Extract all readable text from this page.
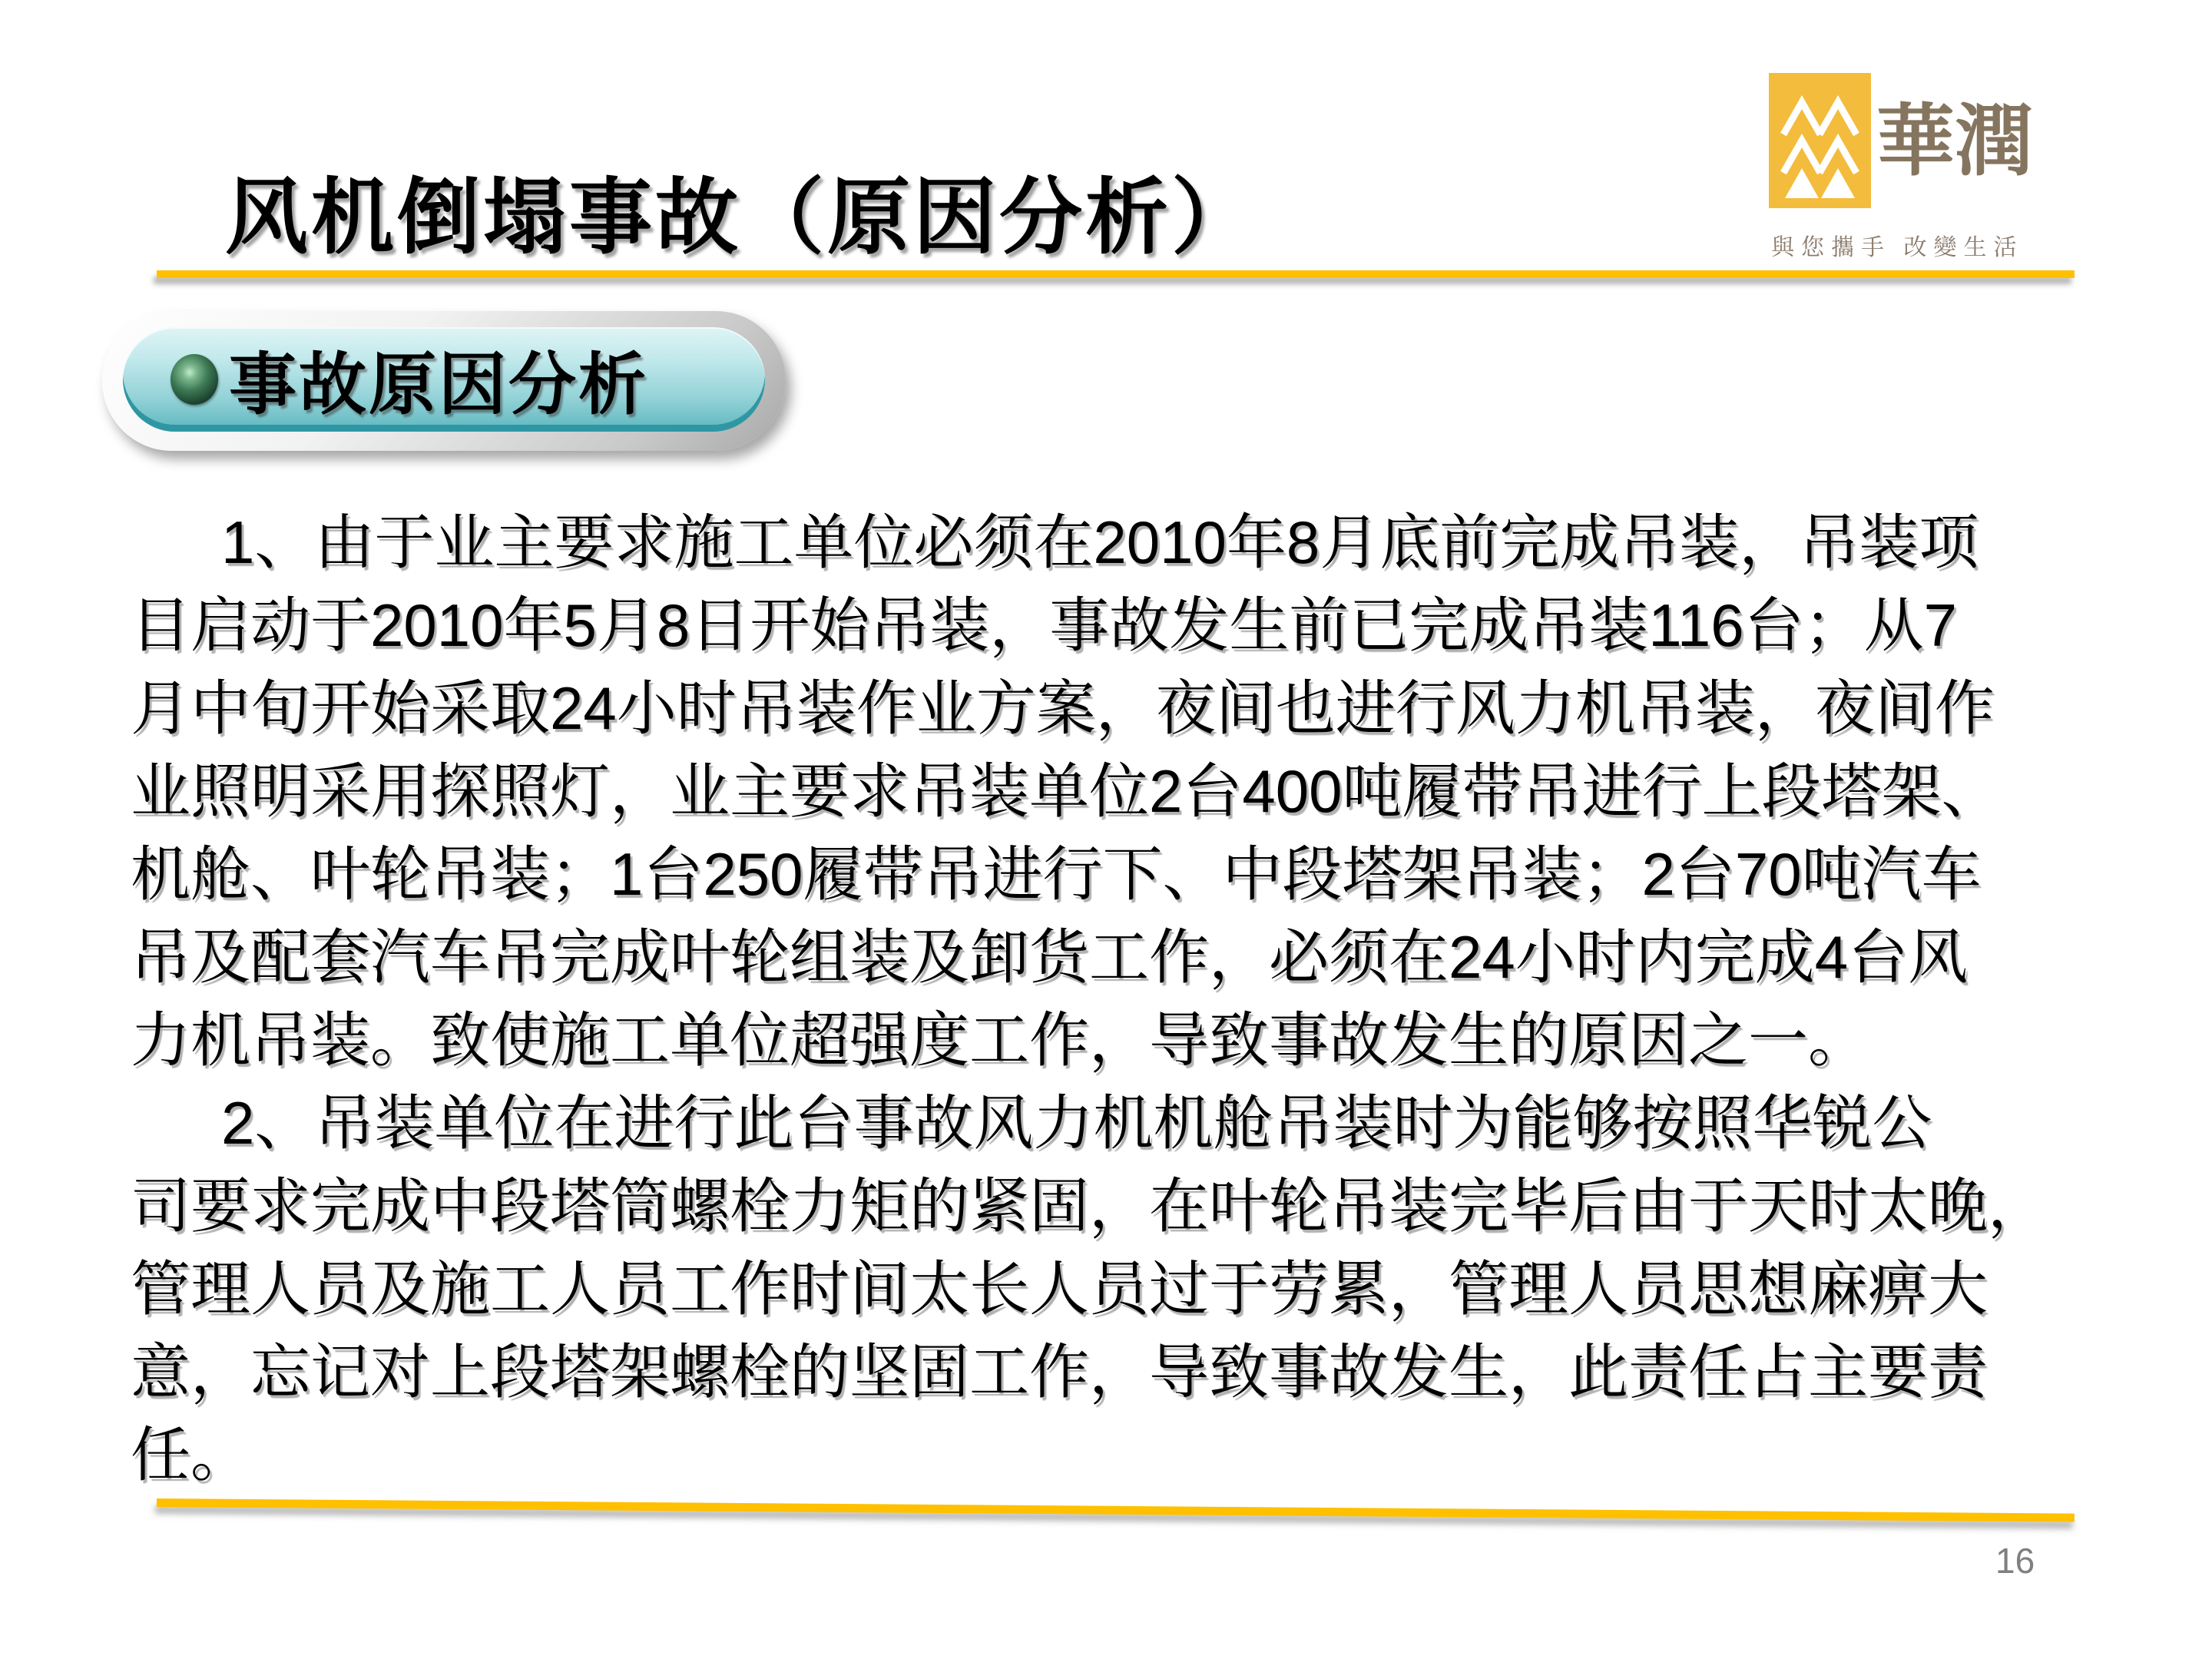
风机倒塌事故（原因分析）
華潤
與您攜手 改變生活
事故原因分析
1、由于业主要求施工单位必须在2010年8月底前完成吊装，吊装项
目启动于2010年5月8日开始吊装，事故发生前已完成吊装116台；从7
月中旬开始采取24小时吊装作业方案，夜间也进行风力机吊装，夜间作
业照明采用探照灯，业主要求吊装单位2台400吨履带吊进行上段塔架、
机舱、叶轮吊装；1台250履带吊进行下、中段塔架吊装；2台70吨汽车
吊及配套汽车吊完成叶轮组装及卸货工作，必须在24小时内完成4台风
力机吊装。致使施工单位超强度工作，导致事故发生的原因之一。
2、吊装单位在进行此台事故风力机机舱吊装时为能够按照华锐公
司要求完成中段塔筒螺栓力矩的紧固，在叶轮吊装完毕后由于天时太晚，
管理人员及施工人员工作时间太长人员过于劳累，管理人员思想麻痹大
意，忘记对上段塔架螺栓的坚固工作，导致事故发生，此责任占主要责
任。
16
